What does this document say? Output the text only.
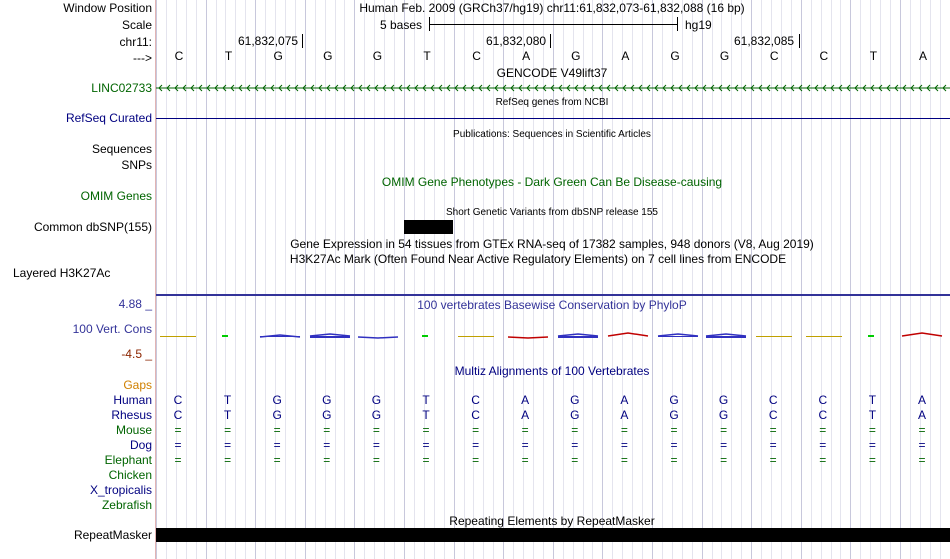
Window Position	Human Feb. 2009 (GRCh37/hg19) chr11:61,832,073-61,832,088 (16 bp)
Scale	5 bases	hg19
chr11:	61,832,075	61,832,080	61,832,085
--->	C	T	G	G	G	T	C	A	G	A	G	G	C	C	T	A
GENCODE V49lift37
LINC02733
RefSeq genes from NCBI
RefSeq Curated
Publications: Sequences in Scientific Articles
Sequences
SNPs
OMIM Gene Phenotypes - Dark Green Can Be Disease-causing
OMIM Genes
Short Genetic Variants from dbSNP release 155
Common dbSNP(155)
Gene Expression in 54 tissues from GTEx RNA-seq of 17382 samples, 948 donors (V8, Aug 2019)
H3K27Ac Mark (Often Found Near Active Regulatory Elements) on 7 cell lines from ENCODE
Layered H3K27Ac
100 vertebrates Basewise Conservation by PhyloP
4.88 _
100 Vert. Cons
-4.5 _
Multiz Alignments of 100 Vertebrates
Gaps
Human	C	T	G	G	G	T	C	A	G	A	G	G	C	C	T	A
Rhesus	C	T	G	G	G	T	C	A	G	A	G	G	C	C	T	A
Mouse	=	=	=	=	=	=	=	=	=	=	=	=	=	=	=	=
Dog	=	=	=	=	=	=	=	=	=	=	=	=	=	=	=	=
Elephant	=	=	=	=	=	=	=	=	=	=	=	=	=	=	=	=
Chicken
X_tropicalis
Zebrafish
Repeating Elements by RepeatMasker
RepeatMasker
